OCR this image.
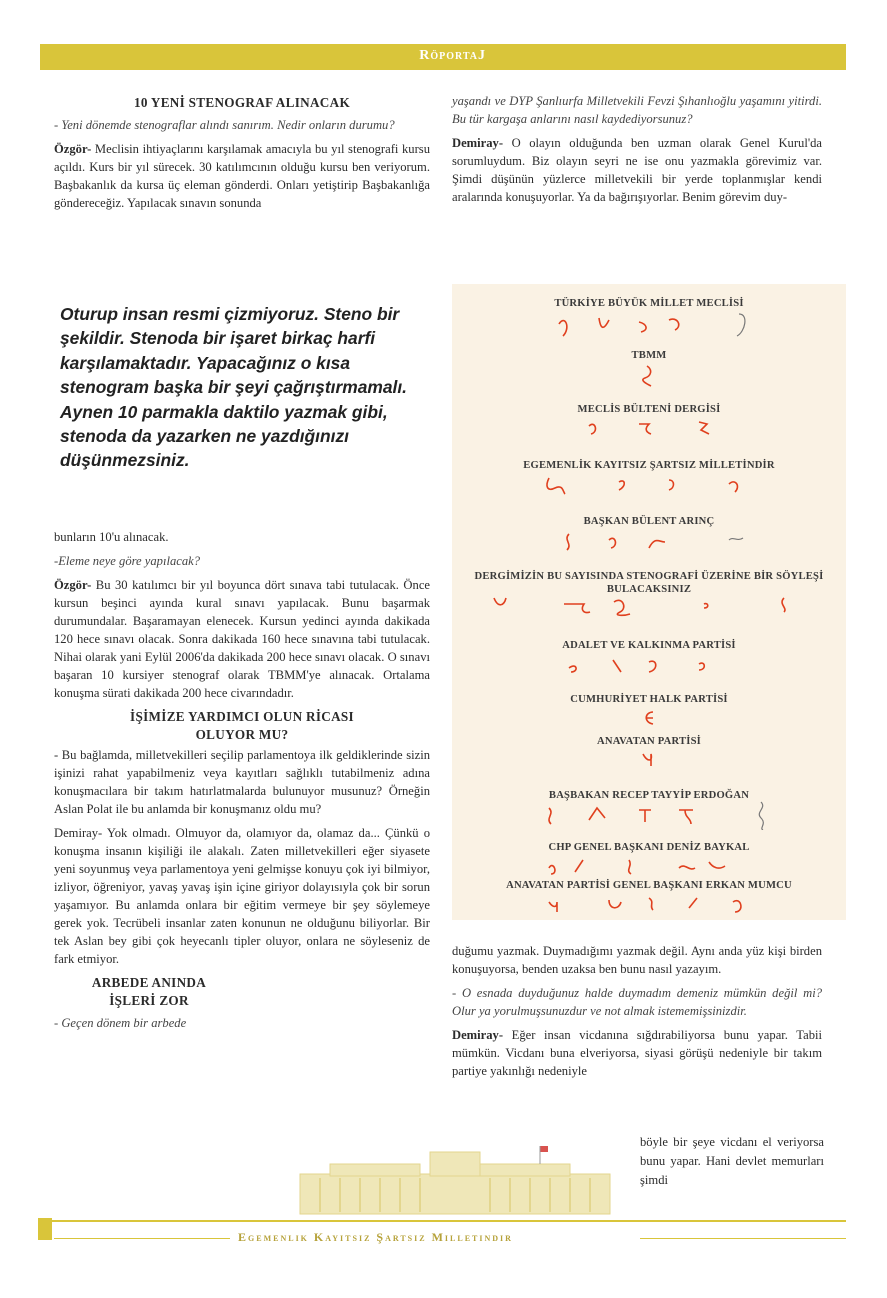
RöportaJ
10 YENİ STENOGRAF ALINACAK

- Yeni dönemde stenograflar alındı sanırım. Nedir onların durumu?

Özgör- Meclisin ihtiyaçlarını karşılamak amacıyla bu yıl stenografi kursu açıldı. Kurs bir yıl sürecek. 30 katılımcının olduğu kursu ben veriyorum. Başbakanlık da kursa üç eleman gönderdi. Onları yetiştirip Başbakanlığa göndereceğiz. Yapılacak sınavın sonunda

Oturup insan resmi çizmiyoruz. Steno bir şekildir. Stenoda bir işaret birkaç harfi karşılamaktadır. Yapacağınız o kısa stenogram başka bir şeyi çağrıştırmamalı. Aynen 10 parmakla daktilo yazmak gibi, stenoda da yazarken ne yazdığınızı düşünmezsiniz.

bunların 10'u alınacak.

-Eleme neye göre yapılacak?

Özgör- Bu 30 katılımcı bir yıl boyunca dört sınava tabi tutulacak. Önce kursun beşinci ayında kural sınavı yapılacak. Bunu başarmak durumundalar. Başaramayan elenecek. Kursun yedinci ayında dakikada 120 hece sınavı olacak. Sonra dakikada 160 hece sınavına tabi tutulacak. Nihai olarak yani Eylül 2006'da dakikada 200 hece sınavı olacak. O sınavı başaran 10 kursiyer stenograf olarak TBMM'ye alınacak. Ortalama konuşma sürati dakikada 200 hece civarındadır.

İŞİMİZE YARDIMCI OLUN RİCASI OLUYOR MU?

- Bu bağlamda, milletvekilleri seçilip parlamentoya ilk geldiklerinde sizin işinizi rahat yapabilmeniz veya kayıtları sağlıklı tutabilmeniz adına konuşmacılara bir takım hatırlatmalarda bulunuyor musunuz? Örneğin Aslan Polat ile bu anlamda bir konuşmanız oldu mu?

Demiray- Yok olmadı. Olmuyor da, olamıyor da, olamaz da... Çünkü o konuşma insanın kişiliği ile alakalı. Zaten milletvekilleri eğer siyasete yeni soyunmuş veya parlamentoya yeni gelmişse konuyu çok iyi bilmiyor, izliyor, öğreniyor, yavaş yavaş işin içine giriyor dolayısıyla çok bir sorun yaşamıyor. Bu anlamda onlara bir eğitim vermeye bir şey söylemeye gerek yok. Tecrübeli insanlar zaten konunun ne olduğunu biliyorlar. Bir tek Aslan bey gibi çok heyecanlı tipler oluyor, onlara ne söyleseniz de fark etmiyor.

ARBEDE ANINDA İŞLERİ ZOR

- Geçen dönem bir arbede

yaşandı ve DYP Şanlıurfa Milletvekili Fevzi Şıhanlıoğlu yaşamını yitirdi. Bu tür kargaşa anlarını nasıl kaydediyorsunuz?

Demiray- O olayın olduğunda ben uzman olarak Genel Kurul'da sorumluydum. Biz olayın seyri ne ise onu yazmakla görevimiz var. Şimdi düşünün yüzlerce milletvekili bir yerde toplanmışlar kendi aralarında konuşuyorlar. Ya da bağırışıyorlar. Benim görevim duy-

TÜRKİYE BÜYÜK MİLLET MECLİSİ
TBMM
MECLİS BÜLTENİ DERGİSİ
EGEMENLİK KAYITSIZ ŞARTSIZ MİLLETİNDİR
BAŞKAN BÜLENT ARINÇ
DERGİMİZİN BU SAYISINDA STENOGRAFİ ÜZERİNE BİR SÖYLEŞİ BULACAKSINIZ
ADALET VE KALKINMA PARTİSİ
CUMHURİYET HALK PARTİSİ
ANAVATAN PARTİSİ
BAŞBAKAN RECEP TAYYİP ERDOĞAN
CHP GENEL BAŞKANI DENİZ BAYKAL
ANAVATAN PARTİSİ GENEL BAŞKANI ERKAN MUMCU

duğumu yazmak. Duymadığımı yazmak değil. Aynı anda yüz kişi birden konuşuyorsa, benden uzaksa ben bunu nasıl yazayım.

- O esnada duyduğunuz halde duymadım demeniz mümkün değil mi? Olur ya yorulmuşsunuzdur ve not almak istememişsinizdir.

Demiray- Eğer insan vicdanına sığdırabiliyorsa bunu yapar. Tabii mümkün. Vicdanı buna elveriyorsa, siyasi görüşü nedeniyle bir takım partiye yakınlığı nedeniyle

böyle bir şeye vicdanı el veriyorsa bunu yapar. Hani devlet memurları şimdi
Egemenlik Kayıtsız Şartsız Milletindir
